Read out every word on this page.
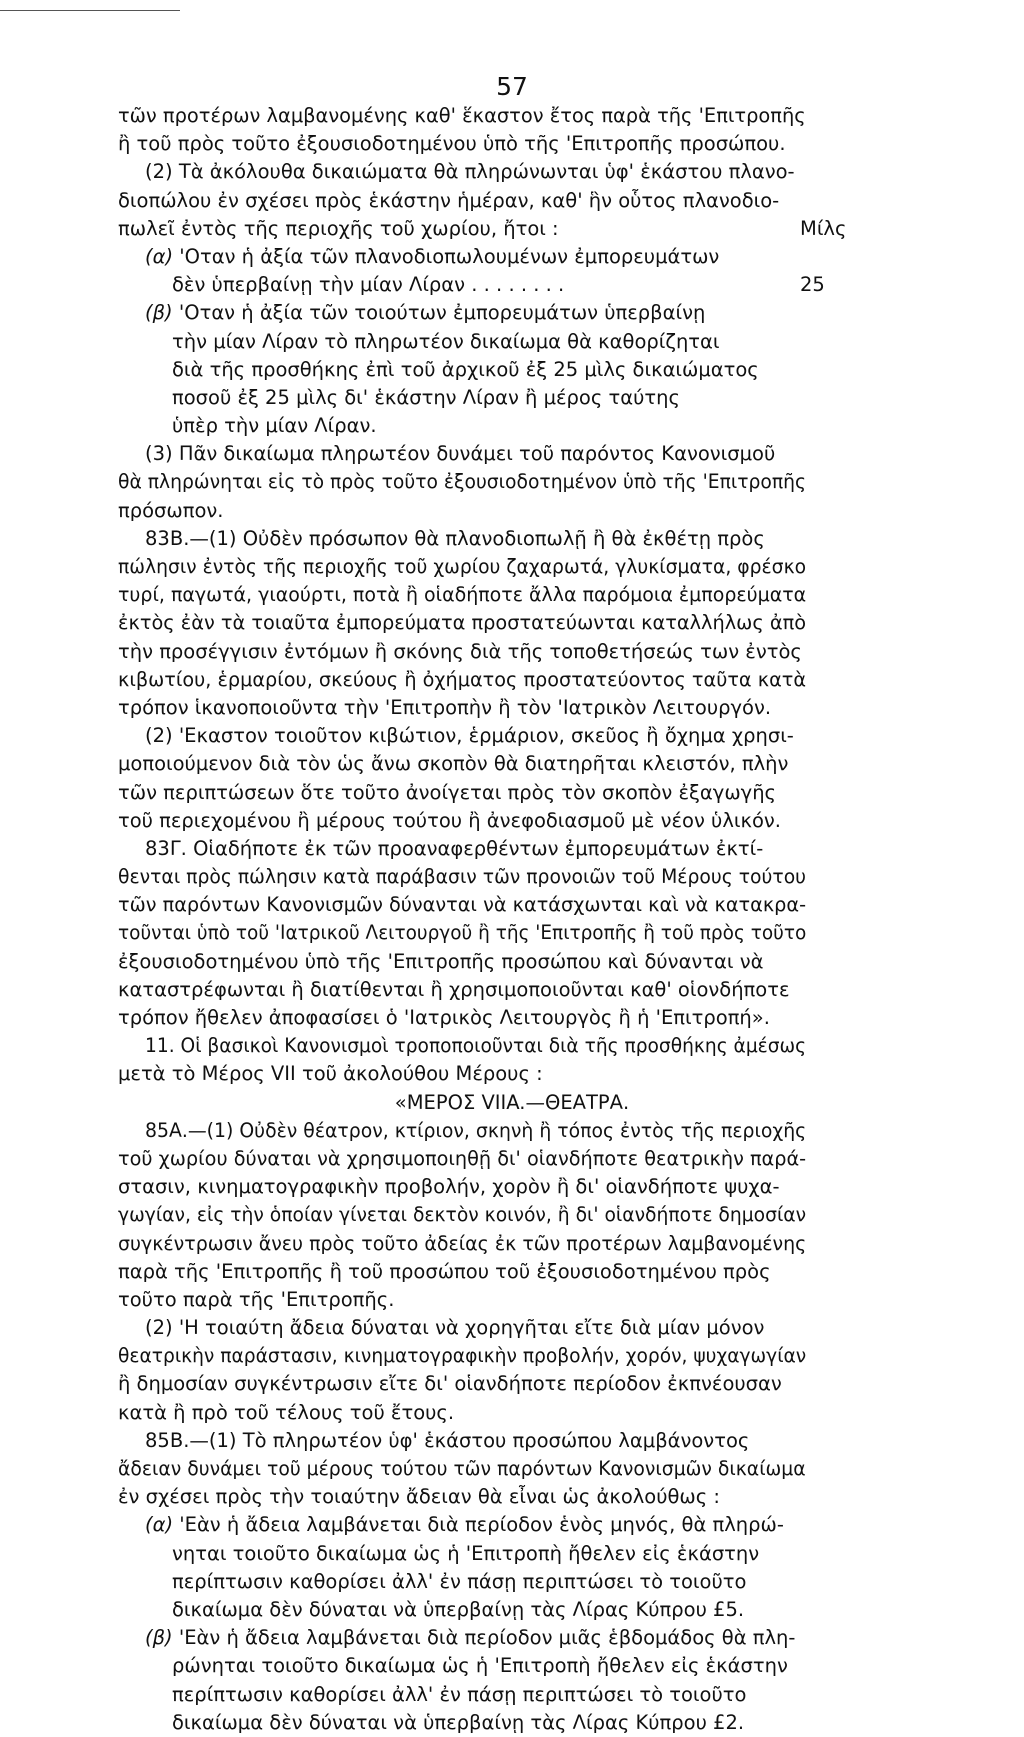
57
τῶν προτέρων λαμβανομένης καθ' ἕκαστον ἔτος παρὰ τῆς 'Επιτροπῆς
ἢ τοῦ πρὸς τοῦτο ἐξουσιοδοτημένου ὑπὸ τῆς 'Επιτροπῆς προσώπου.
(2) Τὰ ἀκόλουθα δικαιώματα θὰ πληρώνωνται ὑφ' ἑκάστου πλανο-
διοπώλου ἐν σχέσει πρὸς ἑκάστην ἡμέραν, καθ' ἣν οὗτος πλανοδιο-
πωλεῖ ἐντὸς τῆς περιοχῆς τοῦ χωρίου, ἤτοι :	Μίλς
(α) 'Οταν ἡ ἀξία τῶν πλανοδιοπωλουμένων ἐμπορευμάτων
δὲν ὑπερβαίνῃ τὴν μίαν Λίραν . . . . . . . .	25
(β) 'Οταν ἡ ἀξία τῶν τοιούτων ἐμπορευμάτων ὑπερβαίνῃ
τὴν μίαν Λίραν τὸ πληρωτέον δικαίωμα θὰ καθορίζηται
διὰ τῆς προσθήκης ἐπὶ τοῦ ἀρχικοῦ ἐξ 25 μὶλς δικαιώματος
ποσοῦ ἐξ 25 μὶλς δι' ἑκάστην Λίραν ἢ μέρος ταύτης
ὑπὲρ τὴν μίαν Λίραν.
(3) Πᾶν δικαίωμα πληρωτέον δυνάμει τοῦ παρόντος Κανονισμοῦ
θὰ πληρώνηται εἰς τὸ πρὸς τοῦτο ἐξουσιοδοτημένον ὑπὸ τῆς 'Επιτροπῆς
πρόσωπον.
83Β.—(1) Οὐδὲν πρόσωπον θὰ πλανοδιοπωλῇ ἢ θὰ ἐκθέτῃ πρὸς
πώλησιν ἐντὸς τῆς περιοχῆς τοῦ χωρίου ζαχαρωτά, γλυκίσματα, φρέσκο
τυρί, παγωτά, γιαούρτι, ποτὰ ἢ οἱαδήποτε ἄλλα παρόμοια ἐμπορεύματα
ἐκτὸς ἐὰν τὰ τοιαῦτα ἐμπορεύματα προστατεύωνται καταλλήλως ἀπὸ
τὴν προσέγγισιν ἐντόμων ἢ σκόνης διὰ τῆς τοποθετήσεώς των ἐντὸς
κιβωτίου, ἑρμαρίου, σκεύους ἢ ὀχήματος προστατεύοντος ταῦτα κατὰ
τρόπον ἱκανοποιοῦντα τὴν 'Επιτροπὴν ἢ τὸν 'Ιατρικὸν Λειτουργόν.
(2) 'Εκαστον τοιοῦτον κιβώτιον, ἑρμάριον, σκεῦος ἢ ὄχημα χρησι-
μοποιούμενον διὰ τὸν ὡς ἄνω σκοπὸν θὰ διατηρῆται κλειστόν, πλὴν
τῶν περιπτώσεων ὅτε τοῦτο ἀνοίγεται πρὸς τὸν σκοπὸν ἐξαγωγῆς
τοῦ περιεχομένου ἢ μέρους τούτου ἢ ἀνεφοδιασμοῦ μὲ νέον ὑλικόν.
83Γ. Οἱαδήποτε ἐκ τῶν προαναφερθέντων ἐμπορευμάτων ἐκτί-
θενται πρὸς πώλησιν κατὰ παράβασιν τῶν προνοιῶν τοῦ Μέρους τούτου
τῶν παρόντων Κανονισμῶν δύνανται νὰ κατάσχωνται καὶ νὰ κατακρα-
τοῦνται ὑπὸ τοῦ 'Ιατρικοῦ Λειτουργοῦ ἢ τῆς 'Επιτροπῆς ἢ τοῦ πρὸς τοῦτο
ἐξουσιοδοτημένου ὑπὸ τῆς 'Επιτροπῆς προσώπου καὶ δύνανται νὰ
καταστρέφωνται ἢ διατίθενται ἢ χρησιμοποιοῦνται καθ' οἱονδήποτε
τρόπον ἤθελεν ἀποφασίσει ὁ 'Ιατρικὸς Λειτουργὸς ἢ ἡ 'Επιτροπή».
11. Οἱ βασικοὶ Κανονισμοὶ τροποποιοῦνται διὰ τῆς προσθήκης ἀμέσως
μετὰ τὸ Μέρος VII τοῦ ἀκολούθου Μέρους :
«ΜΕΡΟΣ VIIA.—ΘΕΑΤΡΑ.
85Α.—(1) Οὐδὲν θέατρον, κτίριον, σκηνὴ ἢ τόπος ἐντὸς τῆς περιοχῆς
τοῦ χωρίου δύναται νὰ χρησιμοποιηθῇ δι' οἱανδήποτε θεατρικὴν παρά-
στασιν, κινηματογραφικὴν προβολήν, χορὸν ἢ δι' οἱανδήποτε ψυχα-
γωγίαν, εἰς τὴν ὁποίαν γίνεται δεκτὸν κοινόν, ἢ δι' οἱανδήποτε δημοσίαν
συγκέντρωσιν ἄνευ πρὸς τοῦτο ἀδείας ἐκ τῶν προτέρων λαμβανομένης
παρὰ τῆς 'Επιτροπῆς ἢ τοῦ προσώπου τοῦ ἐξουσιοδοτημένου πρὸς
τοῦτο παρὰ τῆς 'Επιτροπῆς.
(2) 'Η τοιαύτη ἄδεια δύναται νὰ χορηγῆται εἴτε διὰ μίαν μόνον
θεατρικὴν παράστασιν, κινηματογραφικὴν προβολήν, χορόν, ψυχαγωγίαν
ἢ δημοσίαν συγκέντρωσιν εἴτε δι' οἱανδήποτε περίοδον ἐκπνέουσαν
κατὰ ἢ πρὸ τοῦ τέλους τοῦ ἔτους.
85Β.—(1) Τὸ πληρωτέον ὑφ' ἑκάστου προσώπου λαμβάνοντος
ἄδειαν δυνάμει τοῦ μέρους τούτου τῶν παρόντων Κανονισμῶν δικαίωμα
ἐν σχέσει πρὸς τὴν τοιαύτην ἄδειαν θὰ εἶναι ὡς ἀκολούθως :
(α) 'Εὰν ἡ ἄδεια λαμβάνεται διὰ περίοδον ἑνὸς μηνός, θὰ πληρώ-
νηται τοιοῦτο δικαίωμα ὡς ἡ 'Επιτροπὴ ἤθελεν εἰς ἑκάστην
περίπτωσιν καθορίσει ἀλλ' ἐν πάσῃ περιπτώσει τὸ τοιοῦτο
δικαίωμα δὲν δύναται νὰ ὑπερβαίνῃ τὰς Λίρας Κύπρου £5.
(β) 'Εὰν ἡ ἄδεια λαμβάνεται διὰ περίοδον μιᾶς ἑβδομάδος θὰ πλη-
ρώνηται τοιοῦτο δικαίωμα ὡς ἡ 'Επιτροπὴ ἤθελεν εἰς ἑκάστην
περίπτωσιν καθορίσει ἀλλ' ἐν πάσῃ περιπτώσει τὸ τοιοῦτο
δικαίωμα δὲν δύναται νὰ ὑπερβαίνῃ τὰς Λίρας Κύπρου £2.
